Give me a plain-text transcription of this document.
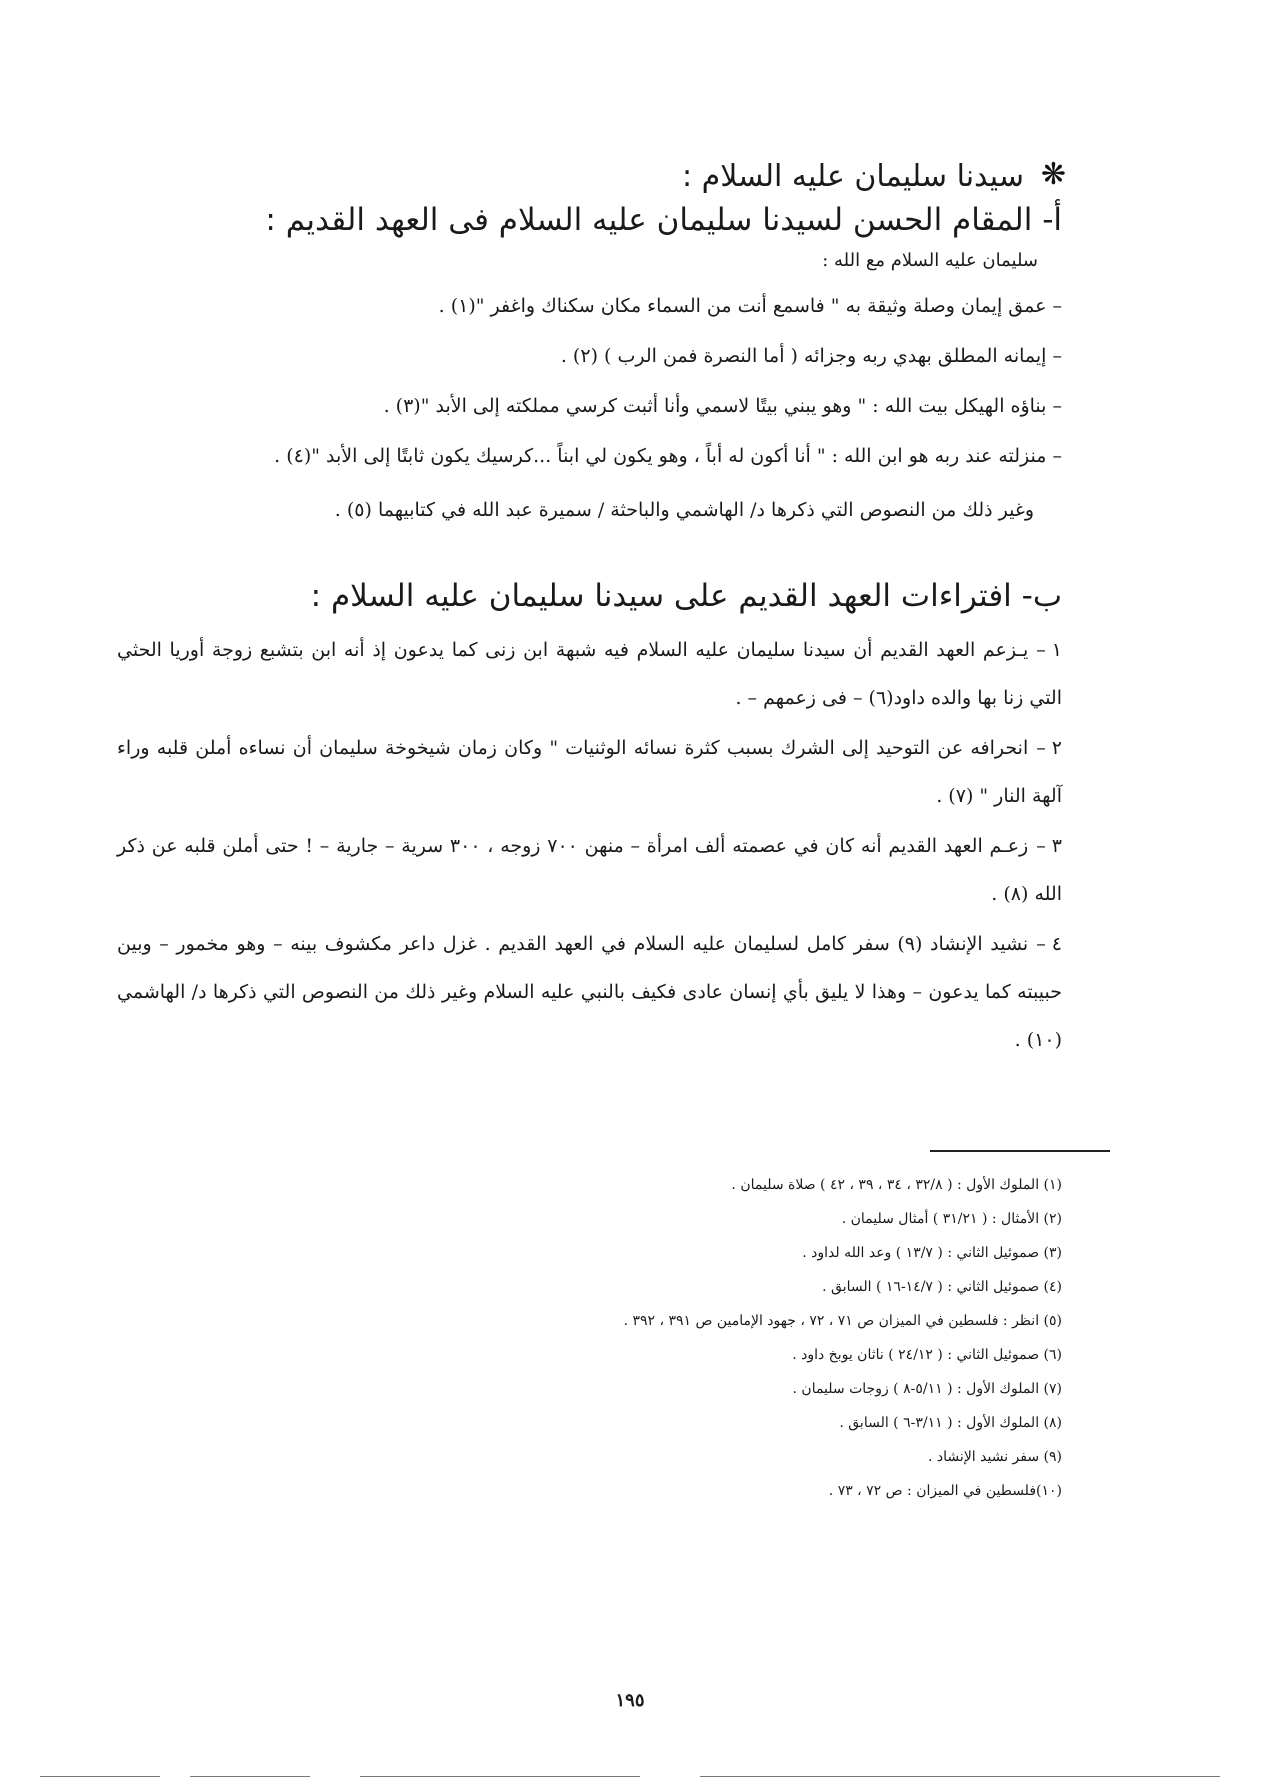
❋
سيدنا سليمان عليه السلام :
أ- المقام الحسن لسيدنا سليمان عليه السلام فى العهد القديم :
سليمان عليه السلام مع الله :
– عمق إيمان وصلة وثيقة به " فاسمع أنت من السماء مكان سكناك واغفر "(١) .
– إيمانه المطلق بهدي ربه وجزائه ( أما النصرة فمن الرب ) (٢) .
– بناؤه الهيكل بيت الله : " وهو يبني بيتًا لاسمي وأنا أثبت كرسي مملكته إلى الأبد "(٣) .
– منزلته عند ربه هو ابن الله : " أنا أكون له أباً ، وهو يكون لي ابناً ...كرسيك يكون ثابتًا إلى الأبد "(٤) .
وغير ذلك من النصوص التي ذكرها د/ الهاشمي والباحثة / سميرة عبد الله في كتابيهما (٥) .
ب- افتراءات العهد القديم على سيدنا سليمان عليه السلام :
١ –يـزعم العهد القديم أن سيدنا سليمان عليه السلام فيه شبهة ابن زنى كما يدعون إذ أنه ابن بتشبع زوجة أوريا الحثي التي زنا بها والده داود(٦) – فى زعمهم – .
٢ –انحرافه عن التوحيد إلى الشرك بسبب كثرة نسائه الوثنيات " وكان زمان شيخوخة سليمان أن نساءه أملن قلبه وراء آلهة النار " (٧) .
٣ –زعـم العهد القديم أنه كان في عصمته ألف امرأة – منهن ٧٠٠ زوجه ، ٣٠٠ سرية – جارية – ! حتى أملن قلبه عن ذكر الله (٨) .
٤ –نشيد الإنشاد (٩) سفر كامل لسليمان عليه السلام في العهد القديم . غزل داعر مكشوف بينه – وهو مخمور – وبين حبيبته كما يدعون – وهذا لا يليق بأي إنسان عادى فكيف بالنبي عليه السلام وغير ذلك من النصوص التي ذكرها د/ الهاشمي (١٠) .
(١) الملوك الأول : ( ٣٢/٨ ، ٣٤ ، ٣٩ ، ٤٢ ) صلاة سليمان .
(٢) الأمثال : ( ٣١/٢١ ) أمثال سليمان .
(٣) صموئيل الثاني : ( ١٣/٧ ) وعد الله لداود .
(٤) صموئيل الثاني : ( ١٤/٧-١٦ ) السابق .
(٥) انظر : فلسطين في الميزان ص ٧١ ، ٧٢ ، جهود الإمامين ص ٣٩١ ، ٣٩٢ .
(٦) صموئيل الثاني : ( ٢٤/١٢ ) ناثان يوبخ داود .
(٧) الملوك الأول : ( ٥/١١-٨ ) زوجات سليمان .
(٨) الملوك الأول : ( ٣/١١-٦ ) السابق .
(٩) سفر نشيد الإنشاد .
(١٠)فلسطين في الميزان : ص ٧٢ ، ٧٣ .
١٩٥
